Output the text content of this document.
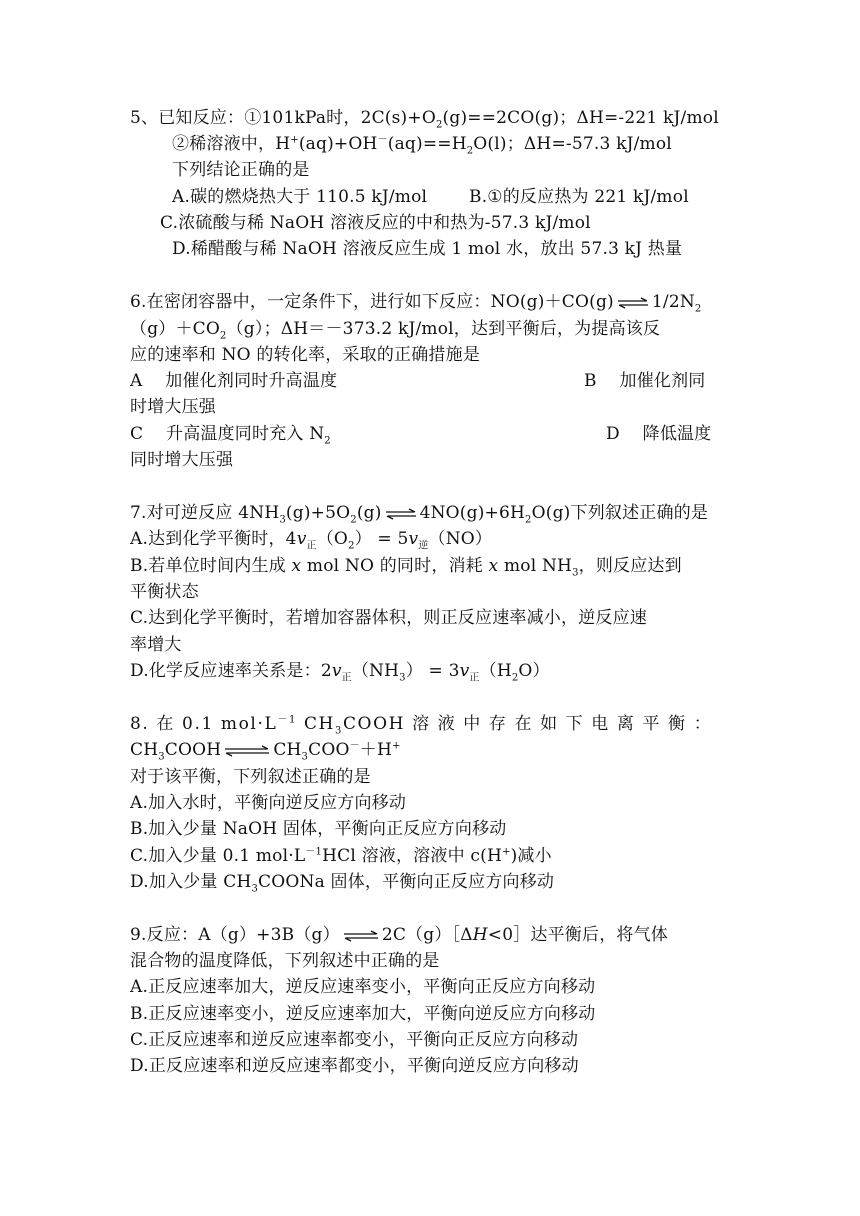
5、已知反应：①101kPa时，$2C(s)+O_2(g)==2CO(g)$；ΔH=-221 kJ/mol
②稀溶液中，$H^+(aq)+OH^-(aq)==H_2O(l)$；ΔH=-57.3 kJ/mol
下列结论正确的是
A.碳的燃烧热大于 110.5 kJ/mol B.①的反应热为 221 kJ/mol
C.浓硫酸与稀 NaOH 溶液反应的中和热为-57.3 kJ/mol
D.稀醋酸与稀 NaOH 溶液反应生成 1 mol 水，放出 57.3 kJ 热量
6.在密闭容器中，一定条件下，进行如下反应：NO(g)＋CO(g) ⇌ $1/2N_2$
$(g)+CO_2(g)$；ΔH＝－373.2 kJ/mol，达到平衡后，为提高该反
应的速率和 NO 的转化率，采取的正确措施是
A　 加催化剂同时升高温度	B　 加催化剂同
时增大压强
C　 升高温度同时充入 $N_2$	D　 降低温度
同时增大压强
7.对可逆反应 $4NH_3(g)+5O_2(g)$ ⇌ $4NO(g)+6H_2O(g)$下列叙述正确的是
A.达到化学平衡时，$4v_正(O_2) = 5v_逆(NO)$
B.若单位时间内生成 x mol NO 的同时，消耗 x mol $NH_3$，则反应达到
平衡状态
C.达到化学平衡时，若增加容器体积，则正反应速率减小，逆反应速
率增大
D.化学反应速率关系是：$2v_正(NH_3) = 3v_正(H_2O)$
8. 在 0.1 $mol\cdot L^{-1}$ $CH_3COOH$ 溶 液 中 存 在 如 下 电 离 平 衡 ：
$CH_3COOH$ ⇌ $CH_3COO^-+H^+$
对于该平衡，下列叙述正确的是
A.加入水时，平衡向逆反应方向移动
B.加入少量 NaOH 固体，平衡向正反应方向移动
C.加入少量 0.1 $mol\cdot L^{-1}HCl$ 溶液，溶液中 c(H+)减小
D.加入少量 $CH_3COONa$ 固体，平衡向正反应方向移动
9.反应：A（g）+3B（g） ⇌ 2C（g）［ΔH<0］达平衡后，将气体
混合物的温度降低，下列叙述中正确的是
A.正反应速率加大，逆反应速率变小，平衡向正反应方向移动
B.正反应速率变小，逆反应速率加大，平衡向逆反应方向移动
C.正反应速率和逆反应速率都变小，平衡向正反应方向移动
D.正反应速率和逆反应速率都变小，平衡向逆反应方向移动
